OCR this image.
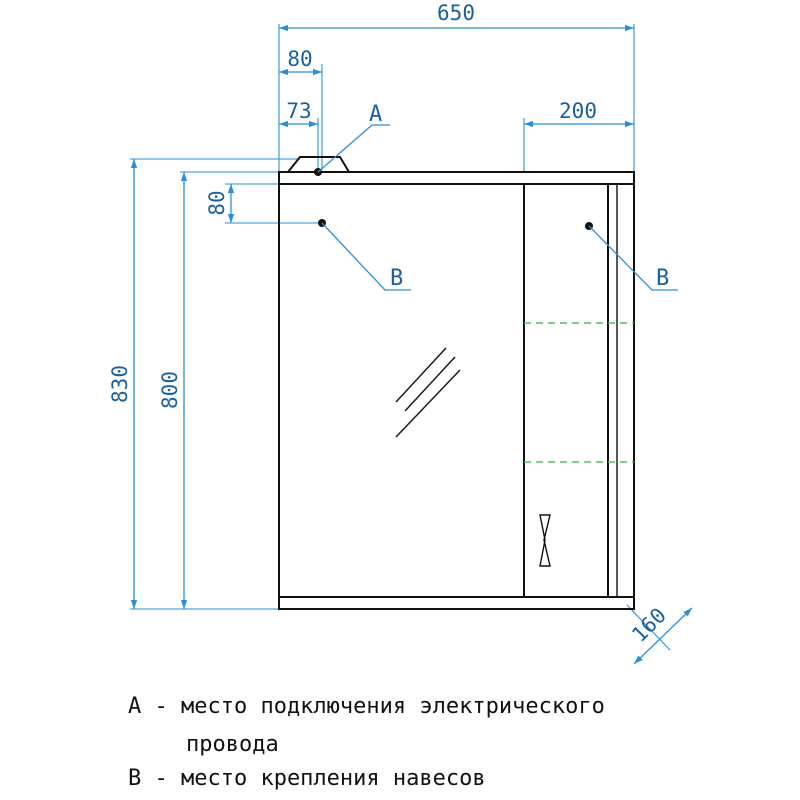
650
80
73	200
830 800
80
160
A
B	B
A - место подключения электрического
провода
B - место крепления навесов
